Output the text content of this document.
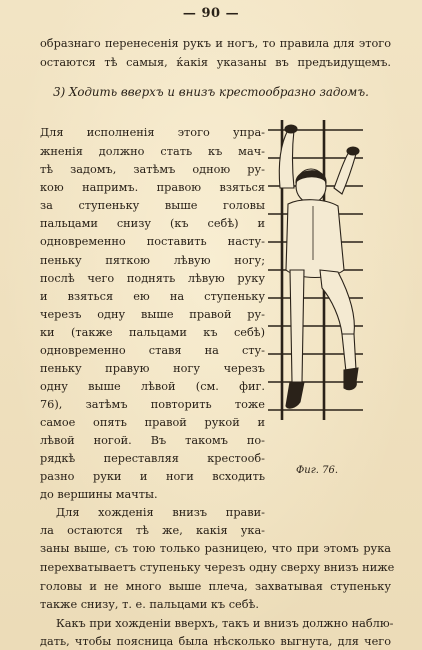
— 90 —
образнаго перенесенія рукъ и ногъ, то правила для этого
остаются тѣ самыя, ќакія указаны въ предъидущемъ.
3) Ходить вверхъ и внизъ крестообразно задомъ.
Для исполненія этого упра-
жненія должно стать къ мач-
тѣ задомъ, затѣмъ одною ру-
кою напримъ. правою взяться
за ступеньку выше головы
пальцами снизу (къ себѣ) и
одновременно поставить насту-
пеньку пяткою лѣвую ногу;
послѣ чего поднять лѣвую руку
и взяться ею на ступеньку
черезъ одну выше правой ру-
ки (также пальцами къ себѣ)
одновременно ставя на сту-
пеньку правую ногу черезъ
одну выше лѣвой (см. фиг.
76), затѣмъ повторить тоже
самое опять правой рукой и
лѣвой ногой. Въ такомъ по-
рядкѣ переставляя крестооб-
разно руки и ноги всходить
до вершины мачты.
Для хожденія внизъ прави-
ла остаются тѣ же, какія ука-
Фиг. 76.
заны выше, съ тою только разницею, что при этомъ рука
перехватываетъ ступеньку черезъ одну сверху внизъ ниже
головы и не много выше плеча, захватывая ступеньку
также снизу, т. е. пальцами къ себѣ.
Какъ при хожденіи вверхъ, такъ и внизъ должно наблю-
дать, чтобы поясница была нѣсколько выгнута, для чего
